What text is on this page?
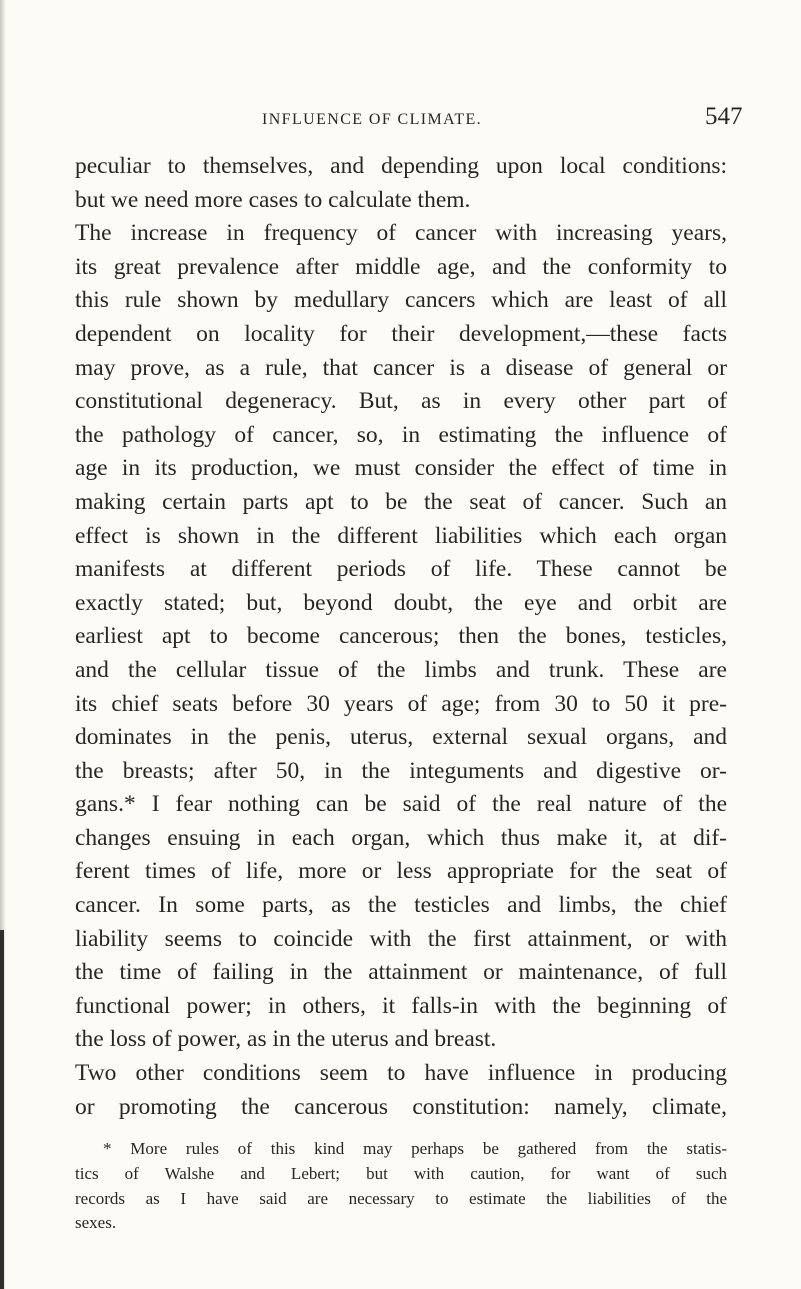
INFLUENCE OF CLIMATE.	547
peculiar to themselves, and depending upon local conditions:
but we need more cases to calculate them.
The increase in frequency of cancer with increasing years,
its great prevalence after middle age, and the conformity to
this rule shown by medullary cancers which are least of all
dependent on locality for their development,—these facts
may prove, as a rule, that cancer is a disease of general or
constitutional degeneracy. But, as in every other part of
the pathology of cancer, so, in estimating the influence of
age in its production, we must consider the effect of time in
making certain parts apt to be the seat of cancer. Such an
effect is shown in the different liabilities which each organ
manifests at different periods of life. These cannot be
exactly stated; but, beyond doubt, the eye and orbit are
earliest apt to become cancerous; then the bones, testicles,
and the cellular tissue of the limbs and trunk. These are
its chief seats before 30 years of age; from 30 to 50 it pre-
dominates in the penis, uterus, external sexual organs, and
the breasts; after 50, in the integuments and digestive or-
gans.* I fear nothing can be said of the real nature of the
changes ensuing in each organ, which thus make it, at dif-
ferent times of life, more or less appropriate for the seat of
cancer. In some parts, as the testicles and limbs, the chief
liability seems to coincide with the first attainment, or with
the time of failing in the attainment or maintenance, of full
functional power; in others, it falls-in with the beginning of
the loss of power, as in the uterus and breast.
Two other conditions seem to have influence in producing
or promoting the cancerous constitution: namely, climate,
* More rules of this kind may perhaps be gathered from the statis-
tics of Walshe and Lebert; but with caution, for want of such
records as I have said are necessary to estimate the liabilities of the
sexes.
